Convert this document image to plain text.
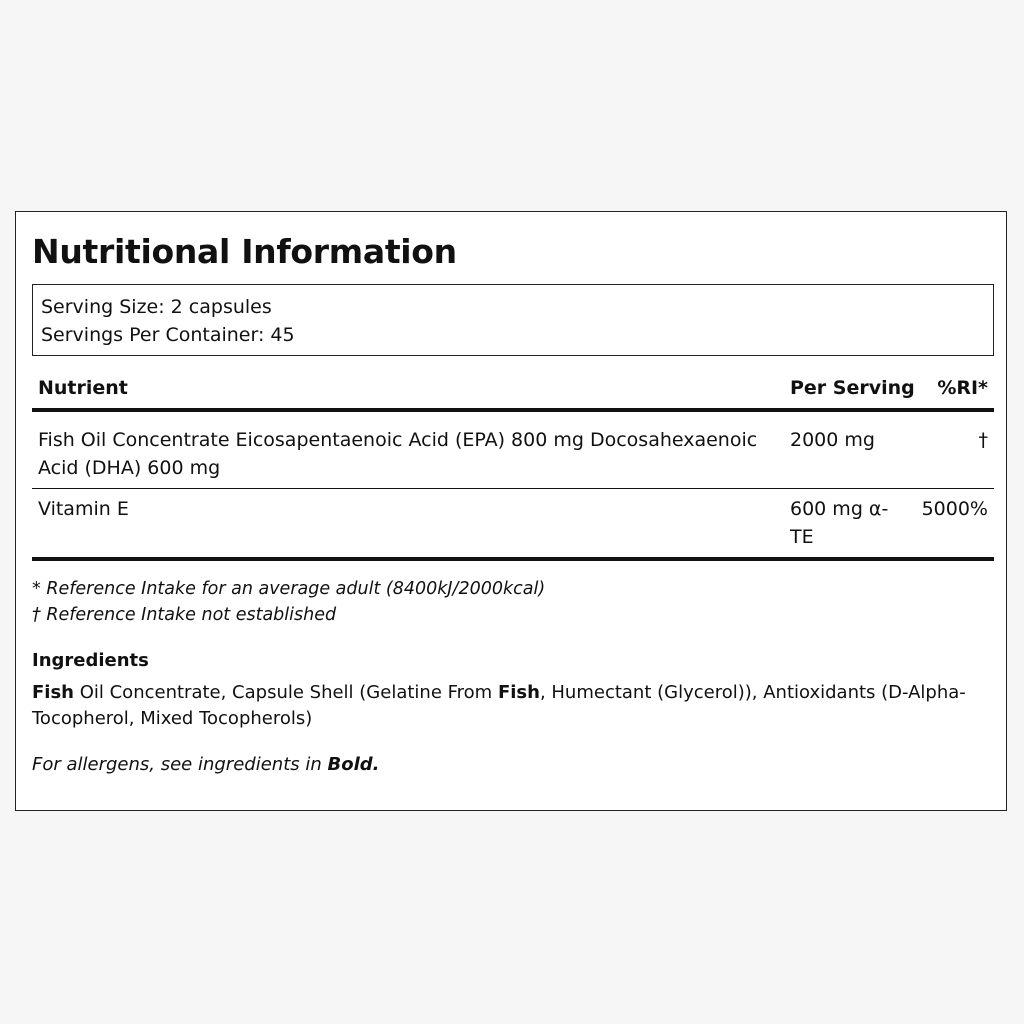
Nutritional Information
Serving Size: 2 capsules
Servings Per Container: 45
Nutrient	Per Serving	%RI*
Fish Oil Concentrate Eicosapentaenoic Acid (EPA) 800 mg Docosahexaenoic Acid (DHA) 600 mg	2000 mg	†
Vitamin E	600 mg α-TE	5000%
* Reference Intake for an average adult (8400kJ/2000kcal)
† Reference Intake not established
Ingredients
Fish Oil Concentrate, Capsule Shell (Gelatine From Fish, Humectant (Glycerol)), Antioxidants (D-Alpha-Tocopherol, Mixed Tocopherols)
For allergens, see ingredients in Bold.
